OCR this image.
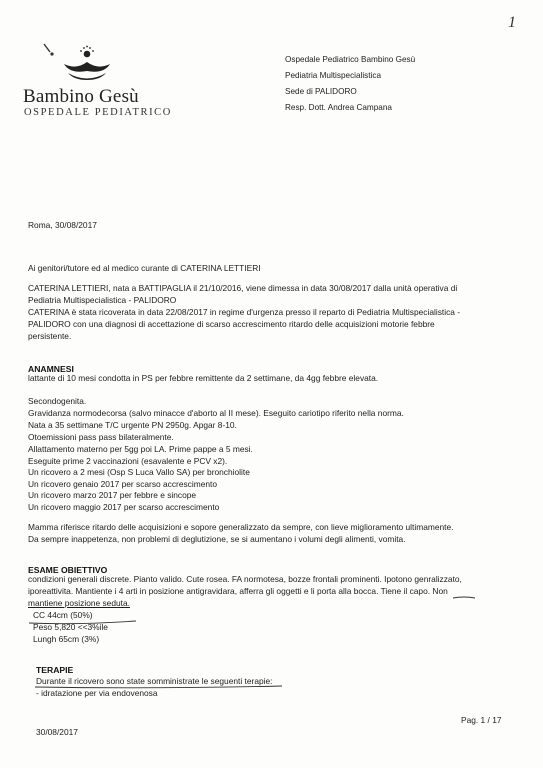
1
Bambino Gesù
OSPEDALE PEDIATRICO
Ospedale Pediatrico Bambino Gesù
Pediatria Multispecialistica
Sede di PALIDORO
Resp. Dott. Andrea Campana
Roma, 30/08/2017
Ai genitori/tutore ed al medico curante di CATERINA LETTIERI
CATERINA LETTIERI, nata a BATTIPAGLIA il 21/10/2016, viene dimessa in data 30/08/2017 dalla unità operativa di
Pediatria Multispecialistica - PALIDORO
CATERINA è stata ricoverata in data 22/08/2017 in regime d'urgenza presso il reparto di Pediatria Multispecialistica -
PALIDORO con una diagnosi di accettazione di scarso accrescimento ritardo delle acquisizioni motorie febbre
persistente.
ANAMNESI
lattante di 10 mesi condotta in PS per febbre remittente da 2 settimane, da 4gg febbre elevata.
Secondogenita.
Gravidanza normodecorsa (salvo minacce d'aborto al II mese). Eseguito cariotipo riferito nella norma.
Nata a 35 settimane T/C urgente PN 2950g. Apgar 8-10.
Otoemissioni pass pass bilateralmente.
Allattamento materno per 5gg poi LA. Prime pappe a 5 mesi.
Eseguite prime 2 vaccinazioni (esavalente e PCV x2).
Un ricovero a 2 mesi (Osp S Luca Vallo SA) per bronchiolite
Un ricovero genaio 2017 per scarso accrescimento
Un ricovero marzo 2017 per febbre e sincope
Un ricovero maggio 2017 per scarso accrescimento
Mamma riferisce ritardo delle acquisizioni e sopore generalizzato da sempre, con lieve miglioramento ultimamente.
Da sempre inappetenza, non problemi di deglutizione, se si aumentano i volumi degli alimenti, vomita.
ESAME OBIETTIVO
condizioni generali discrete. Pianto valido. Cute rosea. FA normotesa, bozze frontali prominenti. Ipotono genralizzato,
iporeattivita. Mantiente i 4 arti in posizione antigravidara, afferra gli oggetti e li porta alla bocca. Tiene il capo. Non
mantiene posizione seduta.
CC 44cm (50%)
Peso 5,820 <<3%ile
Lungh 65cm (3%)
TERAPIE
Durante il ricovero sono state somministrate le seguenti terapie:
- idratazione per via endovenosa
30/08/2017
Pag. 1 / 17
